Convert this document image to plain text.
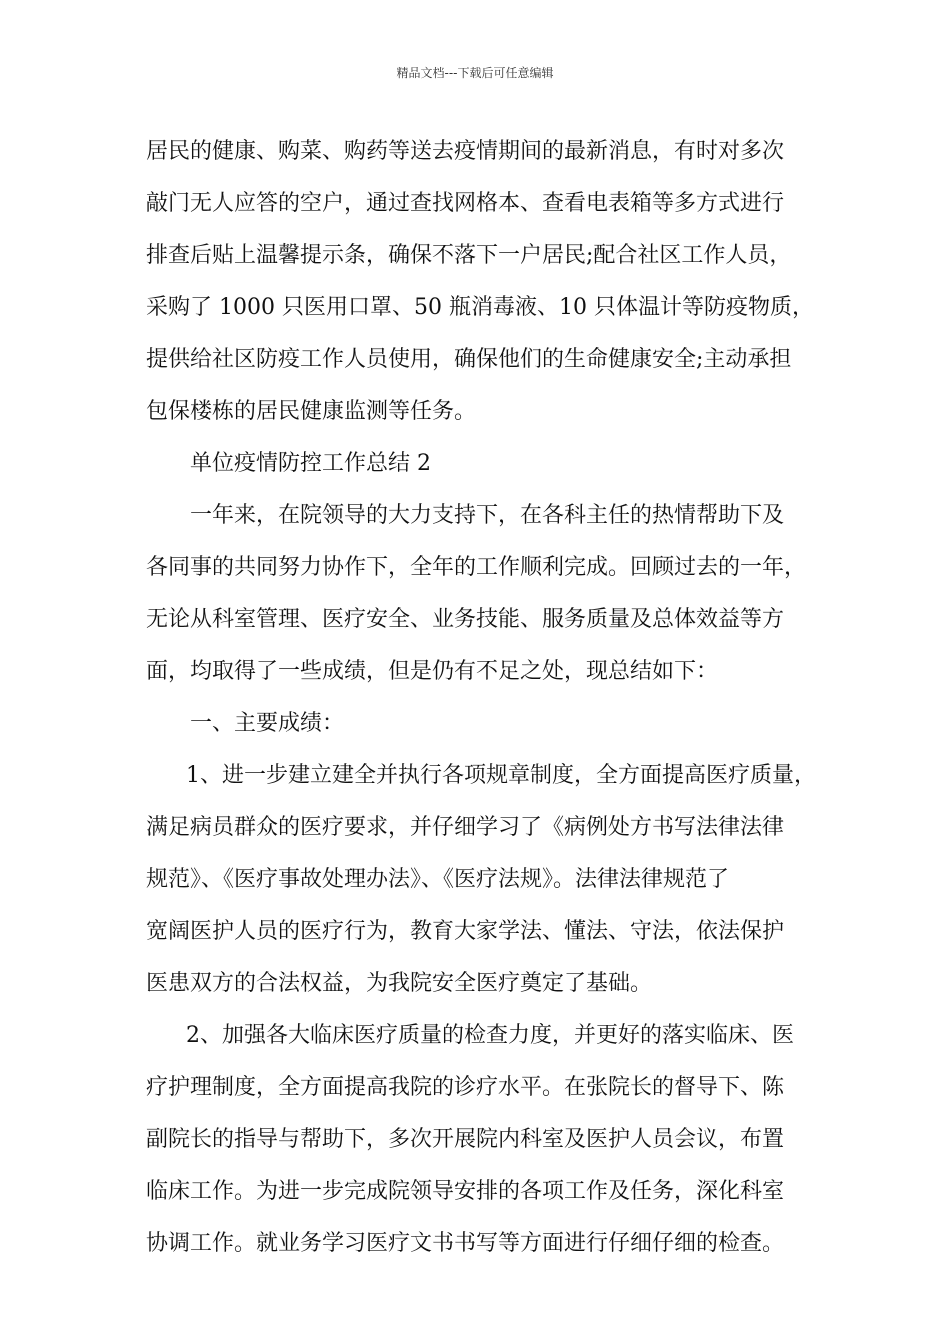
精品文档---下载后可任意编辑
居民的健康、购菜、购药等送去疫情期间的最新消息，有时对多次
敲门无人应答的空户，通过查找网格本、查看电表箱等多方式进行
排查后贴上温馨提示条，确保不落下一户居民;配合社区工作人员，
采购了 1000 只医用口罩、50 瓶消毒液、10 只体温计等防疫物质，
提供给社区防疫工作人员使用，确保他们的生命健康安全;主动承担
包保楼栋的居民健康监测等任务。
单位疫情防控工作总结 2
一年来，在院领导的大力支持下，在各科主任的热情帮助下及
各同事的共同努力协作下，全年的工作顺利完成。回顾过去的一年，
无论从科室管理、医疗安全、业务技能、服务质量及总体效益等方
面，均取得了一些成绩，但是仍有不足之处，现总结如下：
一、主要成绩：
1、进一步建立建全并执行各项规章制度，全方面提高医疗质量，
满足病员群众的医疗要求，并仔细学习了《病例处方书写法律法律
规范》、《医疗事故处理办法》、《医疗法规》。法律法律规范了
宽阔医护人员的医疗行为，教育大家学法、懂法、守法，依法保护
医患双方的合法权益，为我院安全医疗奠定了基础。
2、加强各大临床医疗质量的检查力度，并更好的落实临床、医
疗护理制度，全方面提高我院的诊疗水平。在张院长的督导下、陈
副院长的指导与帮助下，多次开展院内科室及医护人员会议，布置
临床工作。为进一步完成院领导安排的各项工作及任务，深化科室
协调工作。就业务学习医疗文书书写等方面进行仔细仔细的检查。
